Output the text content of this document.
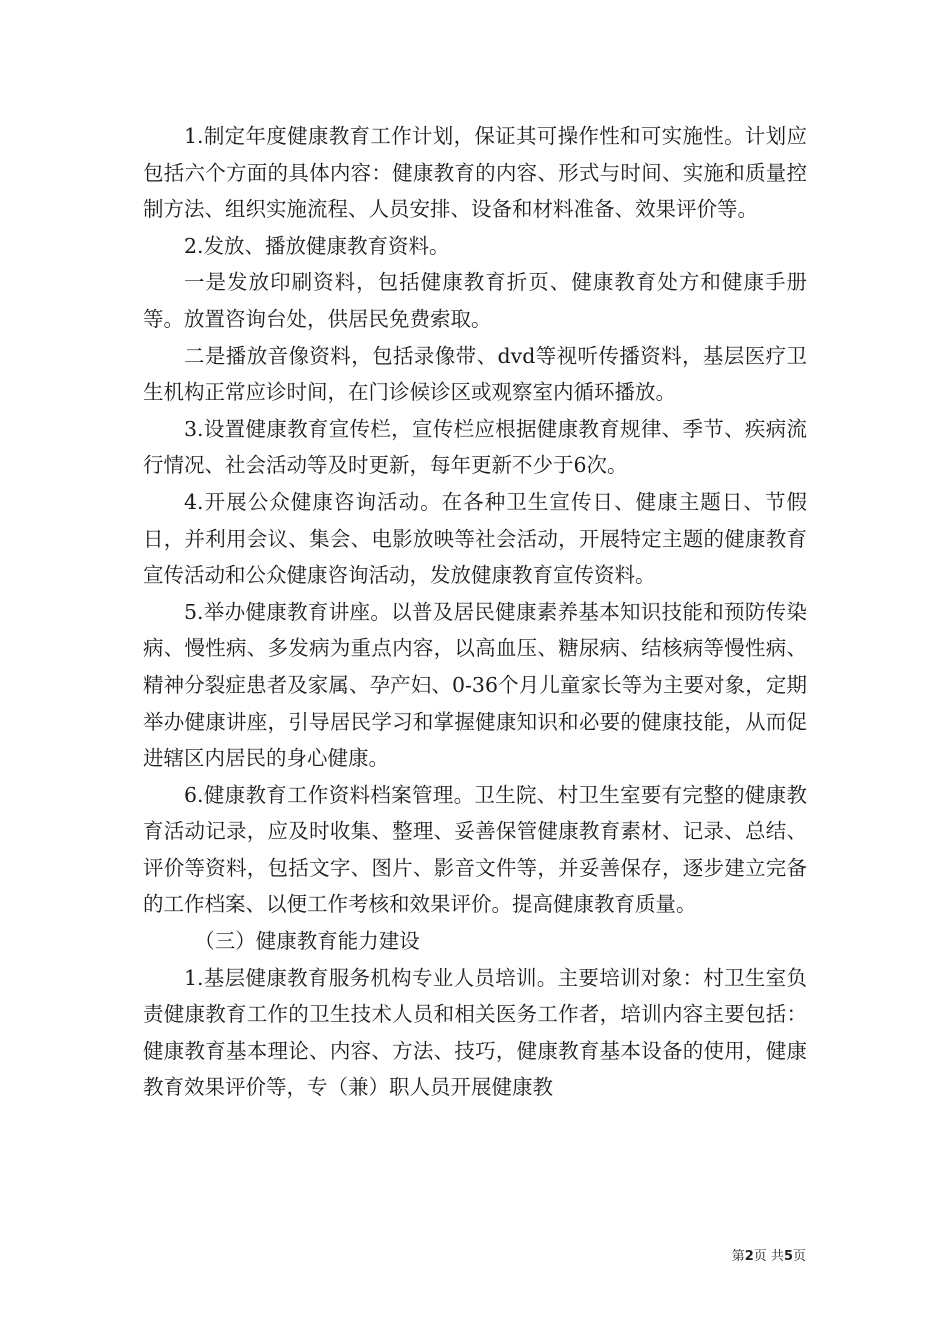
1.制定年度健康教育工作计划，保证其可操作性和可实施性。计划应包括六个方面的具体内容：健康教育的内容、形式与时间、实施和质量控制方法、组织实施流程、人员安排、设备和材料准备、效果评价等。

2.发放、播放健康教育资料。

一是发放印刷资料，包括健康教育折页、健康教育处方和健康手册等。放置咨询台处，供居民免费索取。

二是播放音像资料，包括录像带、dvd等视听传播资料，基层医疗卫生机构正常应诊时间，在门诊候诊区或观察室内循环播放。

3.设置健康教育宣传栏，宣传栏应根据健康教育规律、季节、疾病流行情况、社会活动等及时更新，每年更新不少于6次。

4.开展公众健康咨询活动。在各种卫生宣传日、健康主题日、节假日，并利用会议、集会、电影放映等社会活动，开展特定主题的健康教育宣传活动和公众健康咨询活动，发放健康教育宣传资料。

5.举办健康教育讲座。以普及居民健康素养基本知识技能和预防传染病、慢性病、多发病为重点内容，以高血压、糖尿病、结核病等慢性病、精神分裂症患者及家属、孕产妇、0-36个月儿童家长等为主要对象，定期举办健康讲座，引导居民学习和掌握健康知识和必要的健康技能，从而促进辖区内居民的身心健康。

6.健康教育工作资料档案管理。卫生院、村卫生室要有完整的健康教育活动记录，应及时收集、整理、妥善保管健康教育素材、记录、总结、评价等资料，包括文字、图片、影音文件等，并妥善保存，逐步建立完备的工作档案、以便工作考核和效果评价。提高健康教育质量。

（三）健康教育能力建设

1.基层健康教育服务机构专业人员培训。主要培训对象：村卫生室负责健康教育工作的卫生技术人员和相关医务工作者，培训内容主要包括：健康教育基本理论、内容、方法、技巧，健康教育基本设备的使用，健康教育效果评价等，专（兼）职人员开展健康教

第2页 共5页
